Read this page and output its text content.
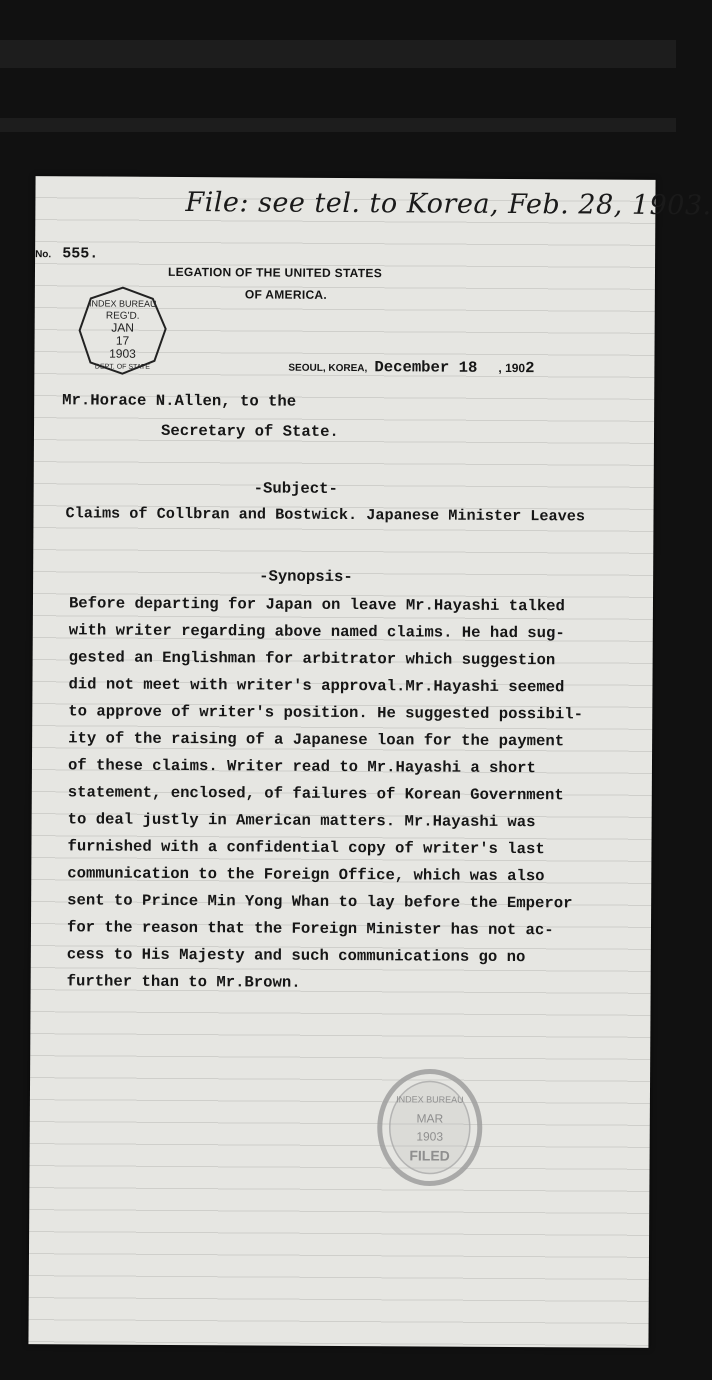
File: see tel. to Korea, Feb. 28, 1903.
No. 555.
LEGATION OF THE UNITED STATES
OF AMERICA.
INDEX BUREAU
REG'D.
JAN
17
1903
DEPT. OF STATE	SEOUL, KOREA, December 18 , 1902
Mr.Horace N.Allen, to the
Secretary of State.
-Subject-
Claims of Collbran and Bostwick. Japanese Minister Leaves
-Synopsis-
Before departing for Japan on leave Mr.Hayashi talked
with writer regarding above named claims. He had sug-
gested an Englishman for arbitrator which suggestion
did not meet with writer's approval.Mr.Hayashi seemed
to approve of writer's position. He suggested possibil-
ity of the raising of a Japanese loan for the payment
of these claims. Writer read to Mr.Hayashi a short
statement, enclosed, of failures of Korean Government
to deal justly in American matters. Mr.Hayashi was
furnished with a confidential copy of writer's last
communication to the Foreign Office, which was also
sent to Prince Min Yong Whan to lay before the Emperor
for the reason that the Foreign Minister has not ac-
cess to His Majesty and such communications go no
further than to Mr.Brown.
INDEX BUREAU
MAR
1903
FILED
